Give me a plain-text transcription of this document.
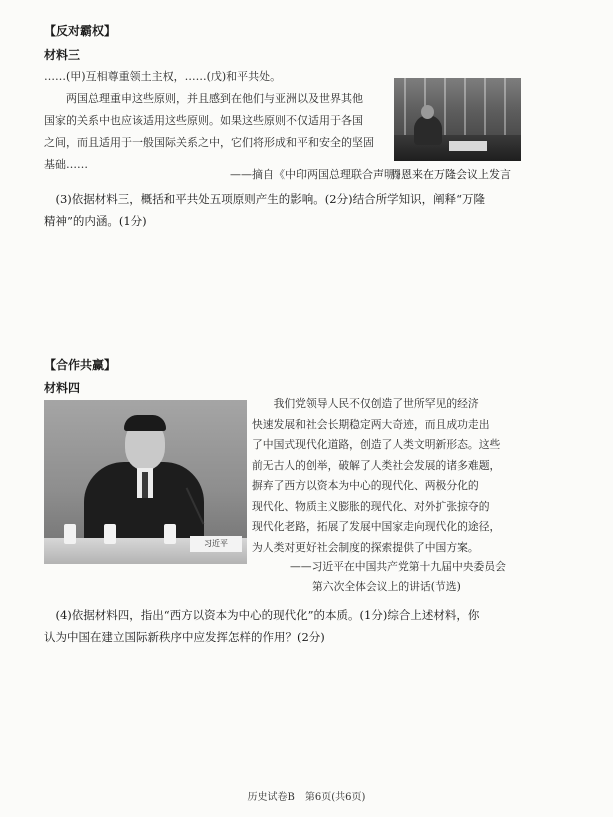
【反对霸权】
材料三
……(甲)互相尊重领土主权，……(戊)和平共处。
两国总理重申这些原则，并且感到在他们与亚洲以及世界其他
国家的关系中也应该适用这些原则。如果这些原则不仅适用于各国
之间，而且适用于一般国际关系之中，它们将形成和平和安全的坚固
基础……
周恩来在万隆会议上发言
——摘自《中印两国总理联合声明》
(3)依据材料三，概括和平共处五项原则产生的影响。(2分)结合所学知识，阐释“万隆
精神”的内涵。(1分)
【合作共赢】
材料四
习近平
我们党领导人民不仅创造了世所罕见的经济
快速发展和社会长期稳定两大奇迹，而且成功走出
了中国式现代化道路，创造了人类文明新形态。这些
前无古人的创举，破解了人类社会发展的诸多难题，
摒弃了西方以资本为中心的现代化、两极分化的
现代化、物质主义膨胀的现代化、对外扩张掠夺的
现代化老路，拓展了发展中国家走向现代化的途径，
为人类对更好社会制度的探索提供了中国方案。
——习近平在中国共产党第十九届中央委员会
第六次全体会议上的讲话(节选)
(4)依据材料四，指出“西方以资本为中心的现代化”的本质。(1分)综合上述材料，你
认为中国在建立国际新秩序中应发挥怎样的作用？(2分)
历史试卷B　第6页(共6页)
